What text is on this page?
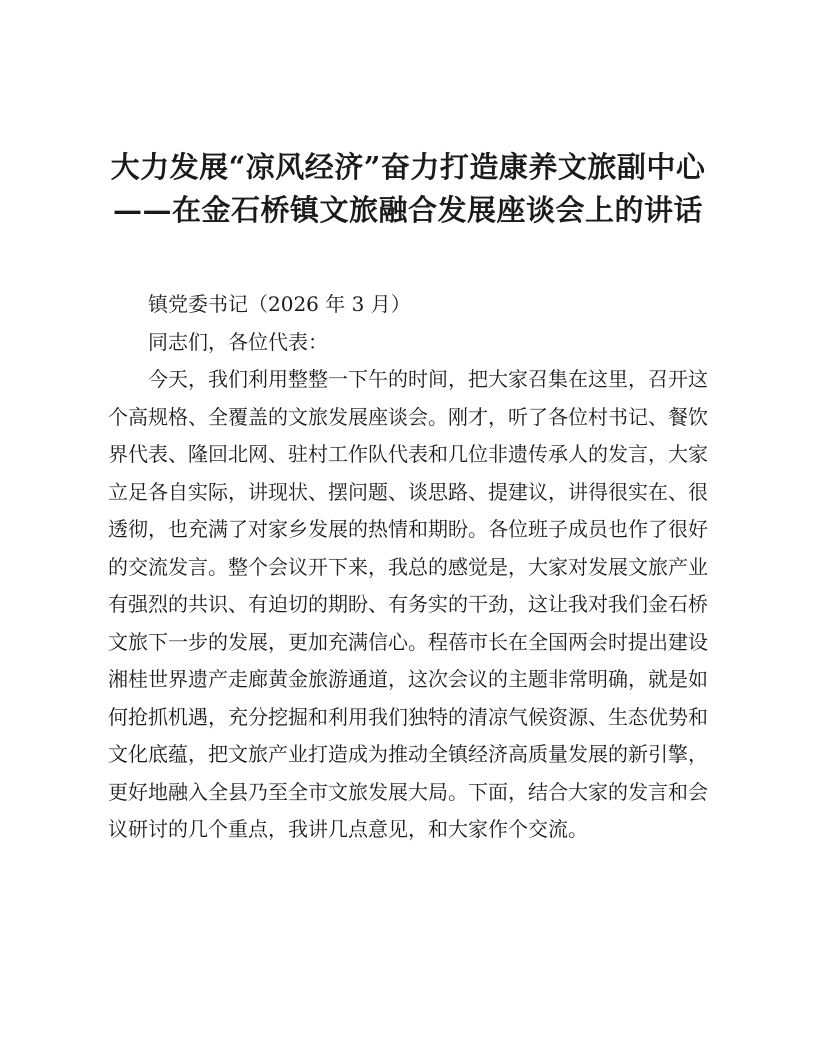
大力发展“凉风经济”奋力打造康养文旅副中心——在金石桥镇文旅融合发展座谈会上的讲话

镇党委书记（2026 年 3 月）

同志们，各位代表：

今天，我们利用整整一下午的时间，把大家召集在这里，召开这个高规格、全覆盖的文旅发展座谈会。刚才，听了各位村书记、餐饮界代表、隆回北网、驻村工作队代表和几位非遗传承人的发言，大家立足各自实际，讲现状、摆问题、谈思路、提建议，讲得很实在、很透彻，也充满了对家乡发展的热情和期盼。各位班子成员也作了很好的交流发言。整个会议开下来，我总的感觉是，大家对发展文旅产业有强烈的共识、有迫切的期盼、有务实的干劲，这让我对我们金石桥文旅下一步的发展，更加充满信心。程蓓市长在全国两会时提出建设湘桂世界遗产走廊黄金旅游通道，这次会议的主题非常明确，就是如何抢抓机遇，充分挖掘和利用我们独特的清凉气候资源、生态优势和文化底蕴，把文旅产业打造成为推动全镇经济高质量发展的新引擎，更好地融入全县乃至全市文旅发展大局。下面，结合大家的发言和会议研讨的几个重点，我讲几点意见，和大家作个交流。
